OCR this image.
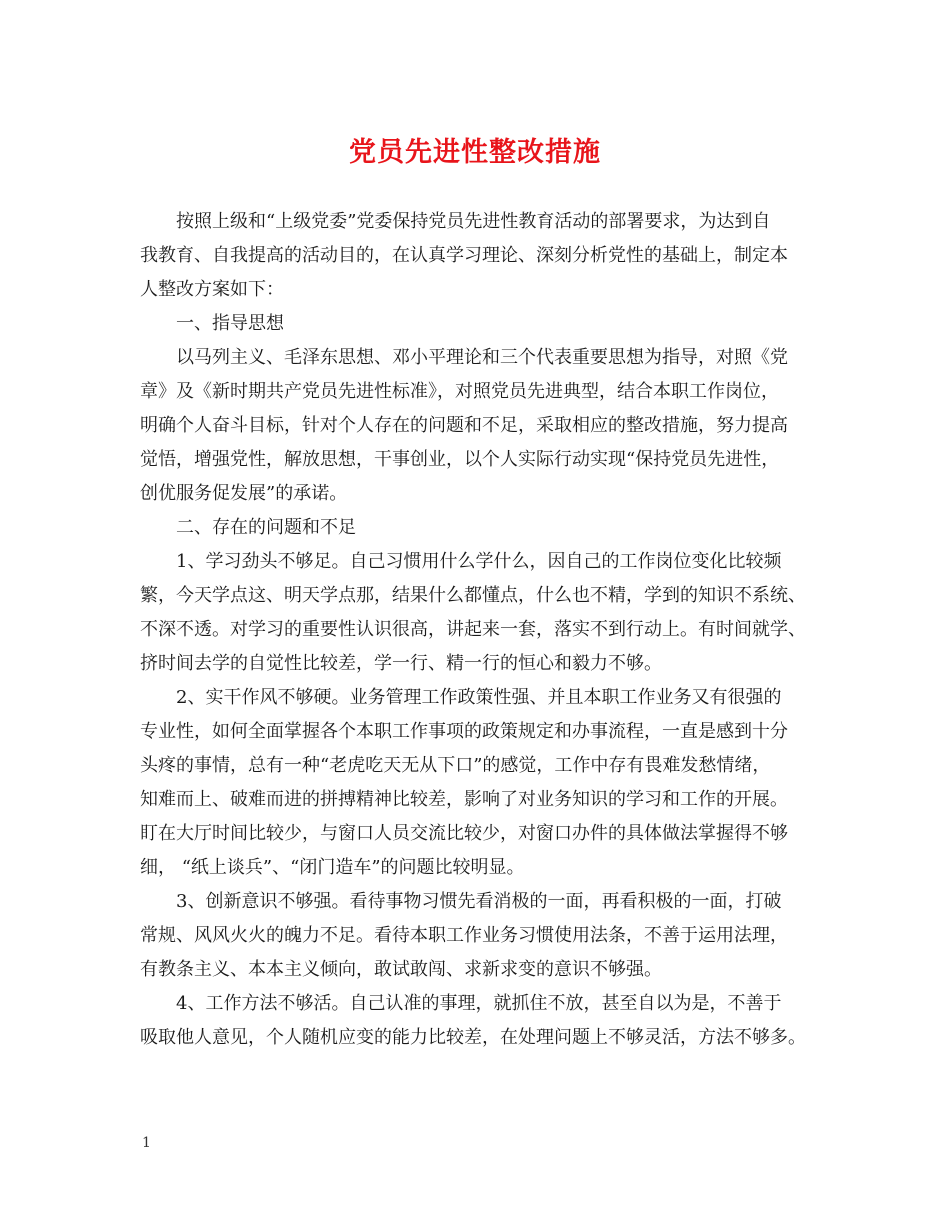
党员先进性整改措施
按照上级和“上级党委”党委保持党员先进性教育活动的部署要求，为达到自
我教育、自我提高的活动目的，在认真学习理论、深刻分析党性的基础上，制定本
人整改方案如下：
一、指导思想
以马列主义、毛泽东思想、邓小平理论和三个代表重要思想为指导，对照《党
章》及《新时期共产党员先进性标准》，对照党员先进典型，结合本职工作岗位，
明确个人奋斗目标，针对个人存在的问题和不足，采取相应的整改措施，努力提高
觉悟，增强党性，解放思想，干事创业，以个人实际行动实现“保持党员先进性，
创优服务促发展”的承诺。
二、存在的问题和不足
1、学习劲头不够足。自己习惯用什么学什么，因自己的工作岗位变化比较频
繁，今天学点这、明天学点那，结果什么都懂点，什么也不精，学到的知识不系统、
不深不透。对学习的重要性认识很高，讲起来一套，落实不到行动上。有时间就学、
挤时间去学的自觉性比较差，学一行、精一行的恒心和毅力不够。
2、实干作风不够硬。业务管理工作政策性强、并且本职工作业务又有很强的
专业性，如何全面掌握各个本职工作事项的政策规定和办事流程，一直是感到十分
头疼的事情，总有一种“老虎吃天无从下口”的感觉，工作中存有畏难发愁情绪，
知难而上、破难而进的拼搏精神比较差，影响了对业务知识的学习和工作的开展。
盯在大厅时间比较少，与窗口人员交流比较少，对窗口办件的具体做法掌握得不够
细， “纸上谈兵”、“闭门造车”的问题比较明显。
3、创新意识不够强。看待事物习惯先看消极的一面，再看积极的一面，打破
常规、风风火火的魄力不足。看待本职工作业务习惯使用法条，不善于运用法理，
有教条主义、本本主义倾向，敢试敢闯、求新求变的意识不够强。
4、工作方法不够活。自己认准的事理，就抓住不放，甚至自以为是，不善于
吸取他人意见，个人随机应变的能力比较差，在处理问题上不够灵活，方法不够多。
1
